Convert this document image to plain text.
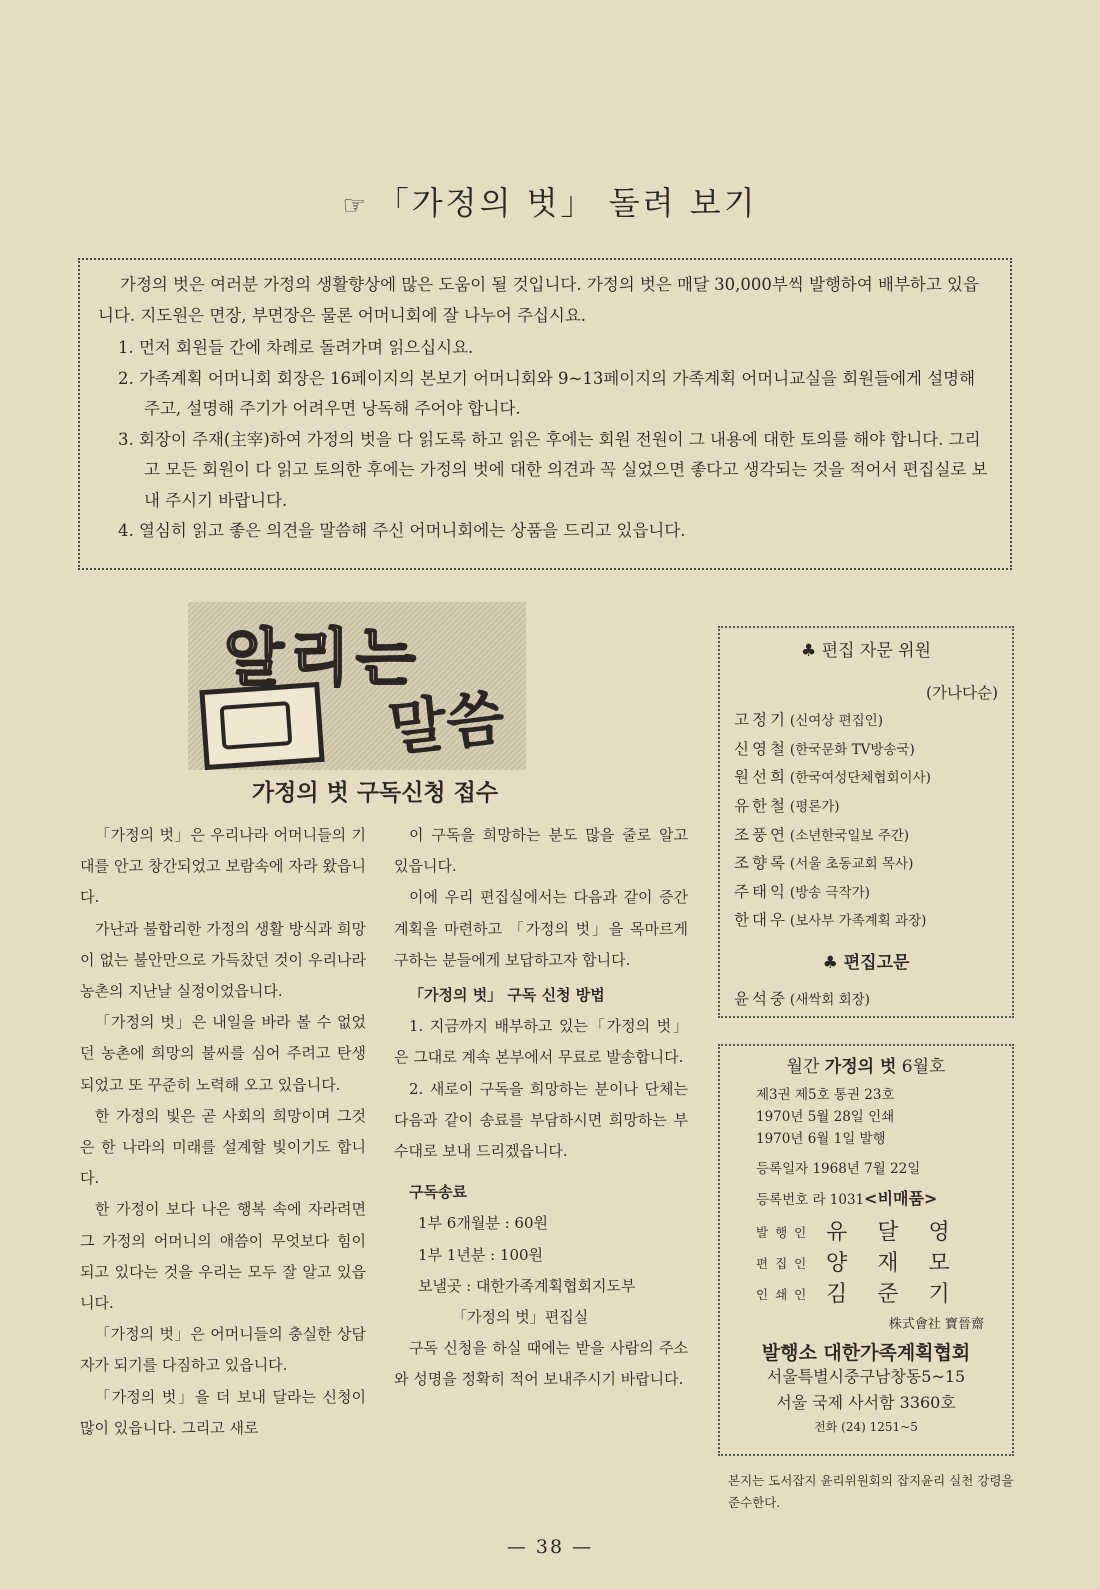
☞ 「가정의 벗」 돌려 보기

가정의 벗은 여러분 가정의 생활향상에 많은 도움이 될 것입니다. 가정의 벗은 매달 30,000부씩 발행하여 배부하고 있읍니다. 지도원은 면장, 부면장은 물론 어머니회에 잘 나누어 주십시요.

1. 먼저 회원들 간에 차례로 돌려가며 읽으십시요.
2. 가족계획 어머니회 회장은 16페이지의 본보기 어머니회와 9~13페이지의 가족계획 어머니교실을 회원들에게 설명해 주고, 설명해 주기가 어려우면 낭독해 주어야 합니다.
3. 회장이 주재(主宰)하여 가정의 벗을 다 읽도록 하고 읽은 후에는 회원 전원이 그 내용에 대한 토의를 해야 합니다. 그리고 모든 회원이 다 읽고 토의한 후에는 가정의 벗에 대한 의견과 꼭 실었으면 좋다고 생각되는 것을 적어서 편집실로 보내 주시기 바랍니다.
4. 열심히 읽고 좋은 의견을 말씀해 주신 어머니회에는 상품을 드리고 있읍니다.
알리는
말씀
가정의 벗 구독신청 접수

「가정의 벗」은 우리나라 어머니들의 기대를 안고 창간되었고 보람속에 자라 왔읍니다.

가난과 불합리한 가정의 생활 방식과 희망이 없는 불안만으로 가득찼던 것이 우리나라 농촌의 지난날 실정이었읍니다.

「가정의 벗」은 내일을 바라 볼 수 없었던 농촌에 희망의 불씨를 심어 주려고 탄생되었고 또 꾸준히 노력해 오고 있읍니다.

한 가정의 빛은 곧 사회의 희망이며 그것은 한 나라의 미래를 설계할 빛이기도 합니다.

한 가정이 보다 나은 행복 속에 자라려면 그 가정의 어머니의 애씀이 무엇보다 힘이 되고 있다는 것을 우리는 모두 잘 알고 있읍니다.

「가정의 벗」은 어머니들의 충실한 상담자가 되기를 다짐하고 있읍니다.

「가정의 벗」을 더 보내 달라는 신청이 많이 있읍니다. 그리고 새로

이 구독을 희망하는 분도 많을 줄로 알고 있읍니다.

이에 우리 편집실에서는 다음과 같이 증간 계획을 마련하고 「가정의 벗」을 목마르게 구하는 분들에게 보답하고자 합니다.

「가정의 벗」 구독 신청 방법

1. 지금까지 배부하고 있는「가정의 벗」은 그대로 계속 본부에서 무료로 발송합니다.

2. 새로이 구독을 희망하는 분이나 단체는 다음과 같이 송료를 부담하시면 희망하는 부수대로 보내 드리겠읍니다.

구독송료

1부 6개월분 : 60원

1부 1년분 : 100원

보낼곳 : 대한가족계획협회지도부

「가정의 벗」편집실

구독 신청을 하실 때에는 받을 사람의 주소와 성명을 정확히 적어 보내주시기 바랍니다.

♣ 편집 자문 위원
(가나다순)
고정기 (신여상 편집인)
신영철 (한국문화 TV방송국)
원선희 (한국여성단체협회이사)
유한철 (평론가)
조풍연 (소년한국일보 주간)
조향록 (서울 초동교회 목사)
주태익 (방송 극작가)
한대우 (보사부 가족계획 과장)
♣ 편집고문
윤석중 (새싹회 회장)
월간 가정의 벗 6월호
제3권 제5호 통권 23호
1970년 5월 28일 인쇄
1970년 6월 1일 발행
등록일자 1968년 7월 22일
등록번호 라 1031<비매품>
발행인 유달영
편집인 양재모
인쇄인 김준기
株式會社 寶晉齋
발행소 대한가족계획협회
서울특별시중구남창동5~15
서울 국제 사서함 3360호
전화 (24) 1251~5
본지는 도서잡지 윤리위원회의 잡지윤리 실천 강령을 준수한다.
— 38 —
